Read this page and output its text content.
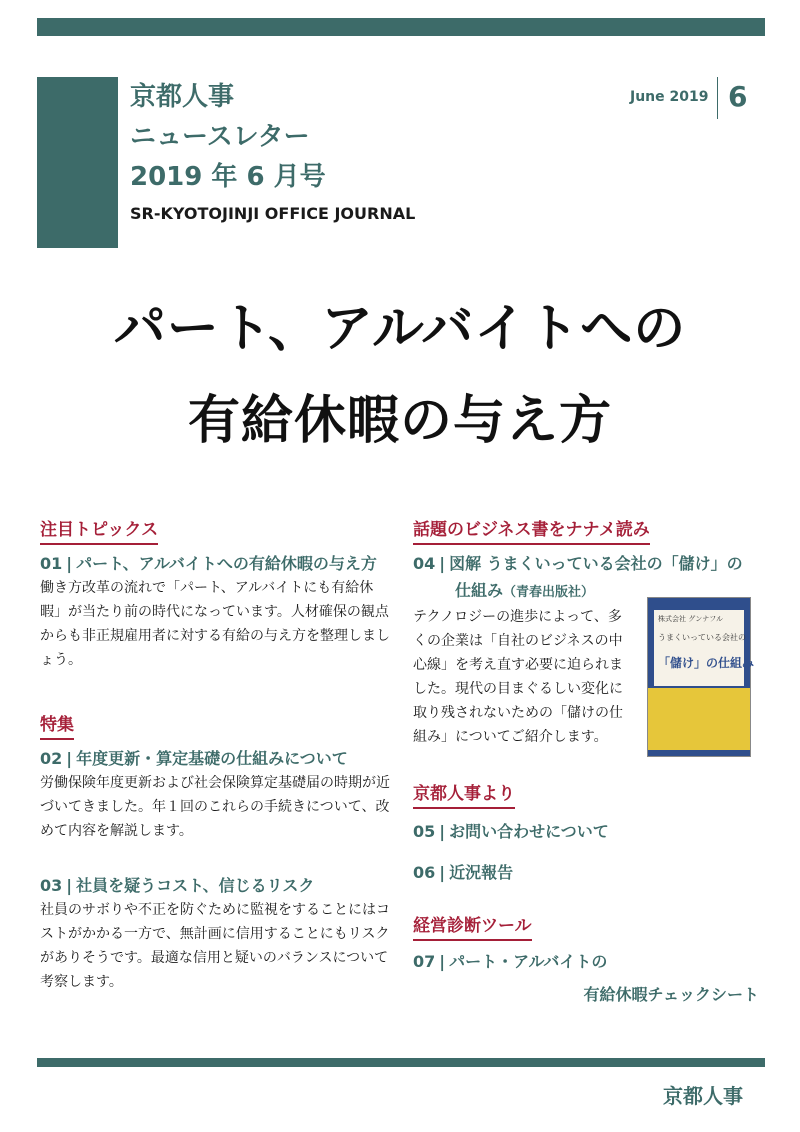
京都人事
ニュースレター
2019 年 6 月号
SR-KYOTOJINJI OFFICE JOURNAL
June 2019 6
パート、アルバイトへの
有給休暇の与え方
注目トピックス
01 | パート、アルバイトへの有給休暇の与え方
働き方改革の流れで「パート、アルバイトにも有給休暇」が当たり前の時代になっています。人材確保の観点からも非正規雇用者に対する有給の与え方を整理しましょう。
特集
02 | 年度更新・算定基礎の仕組みについて
労働保険年度更新および社会保険算定基礎届の時期が近づいてきました。年１回のこれらの手続きについて、改めて内容を解説します。
03 | 社員を疑うコスト、信じるリスク
社員のサボりや不正を防ぐために監視をすることにはコストがかかる一方で、無計画に信用することにもリスクがありそうです。最適な信用と疑いのバランスについて考察します。
話題のビジネス書をナナメ読み
04 | 図解 うまくいっている会社の「儲け」の
仕組み（青春出版社）
テクノロジーの進歩によって、多くの企業は「自社のビジネスの中心線」を考え直す必要に迫られました。現代の目まぐるしい変化に取り残されないための「儲けの仕組み」についてご紹介します。
京都人事より
05 | お問い合わせについて
06 | 近況報告
経営診断ツール
07 | パート・アルバイトの
有給休暇チェックシート
株式会社 グンナフル
うまくいっている会社の
「儲け」の仕組み
京都人事
